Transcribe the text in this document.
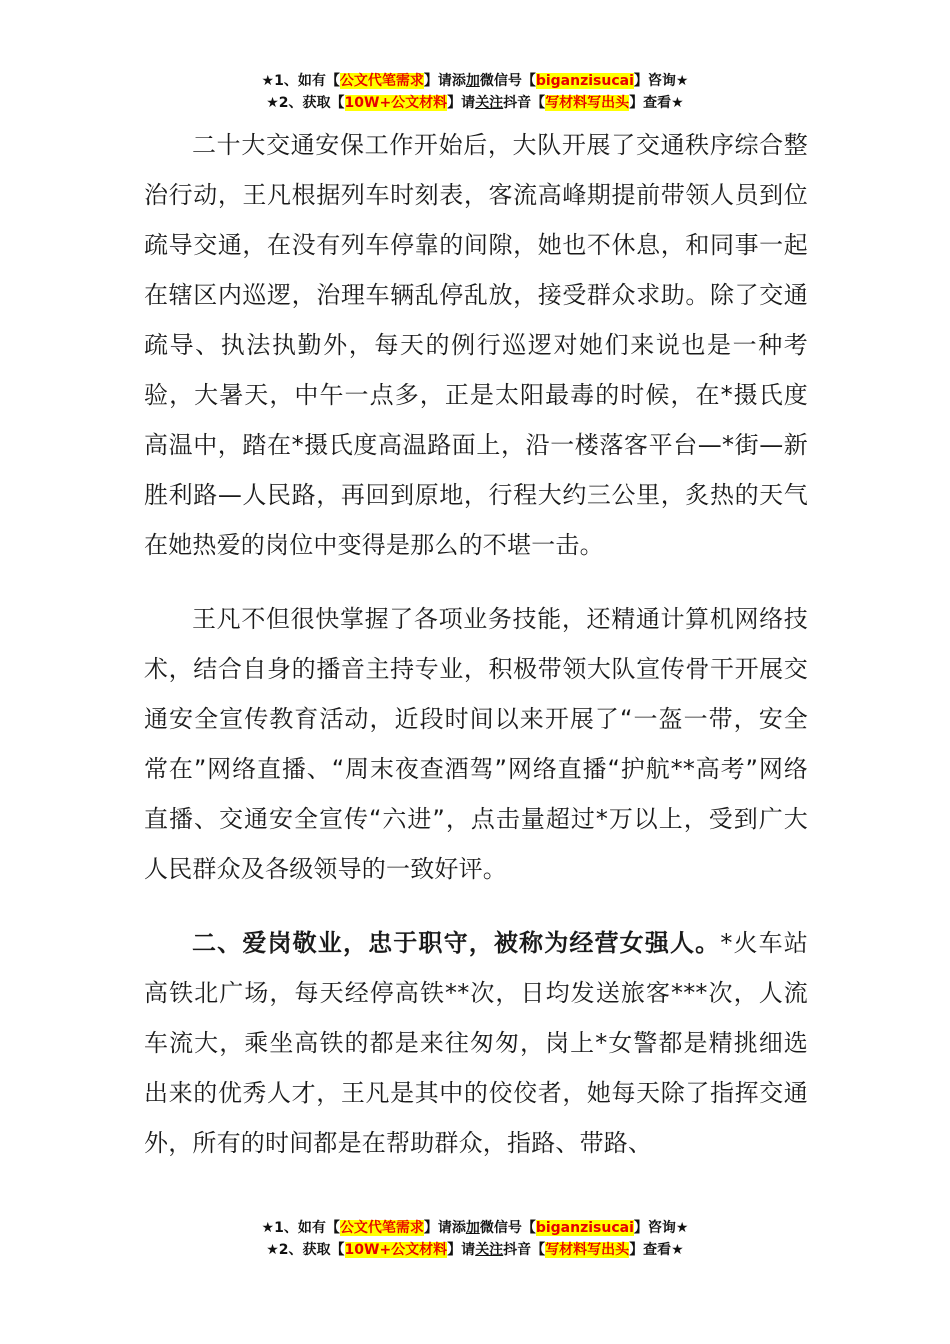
★1、如有【公文代笔需求】请添加微信号【biganzisucai】咨询★
★2、获取【10W+公文材料】请关注抖音【写材料写出头】查看★

二十大交通安保工作开始后，大队开展了交通秩序综合整治行动，王凡根据列车时刻表，客流高峰期提前带领人员到位疏导交通，在没有列车停靠的间隙，她也不休息，和同事一起在辖区内巡逻，治理车辆乱停乱放，接受群众求助。除了交通疏导、执法执勤外，每天的例行巡逻对她们来说也是一种考验，大暑天，中午一点多，正是太阳最毒的时候，在*摄氏度高温中，踏在*摄氏度高温路面上，沿一楼落客平台—*街—新胜利路—人民路，再回到原地，行程大约三公里，炙热的天气在她热爱的岗位中变得是那么的不堪一击。

王凡不但很快掌握了各项业务技能，还精通计算机网络技术，结合自身的播音主持专业，积极带领大队宣传骨干开展交通安全宣传教育活动，近段时间以来开展了“一盔一带，安全常在”网络直播、“周末夜查酒驾”网络直播“护航**高考”网络直播、交通安全宣传“六进”，点击量超过*万以上，受到广大人民群众及各级领导的一致好评。

二、爱岗敬业，忠于职守，被称为经营女强人。*火车站高铁北广场，每天经停高铁**次，日均发送旅客***次，人流车流大，乘坐高铁的都是来往匆匆，岗上*女警都是精挑细选出来的优秀人才，王凡是其中的佼佼者，她每天除了指挥交通外，所有的时间都是在帮助群众，指路、带路、

★1、如有【公文代笔需求】请添加微信号【biganzisucai】咨询★
★2、获取【10W+公文材料】请关注抖音【写材料写出头】查看★
